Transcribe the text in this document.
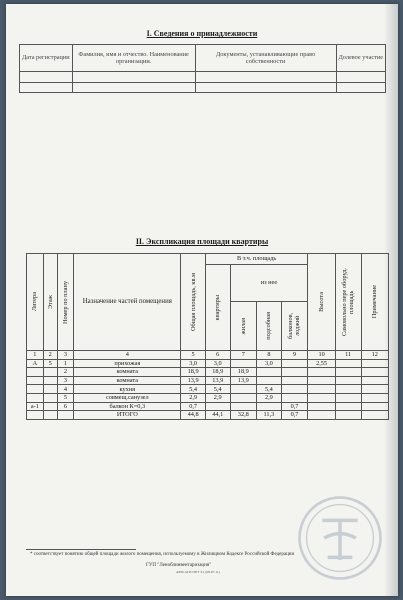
I. Сведения о принадлежности
Дата регистрации	Фамилия, имя и отчество. Наименование организации.	Документы, устанавливающие право собственности	Долевое участие

II. Экспликация площади квартиры
Литера	Этаж	Номер по плану	Назначение частей помещения	Общая площадь, кв.м	В т.ч. площадь				Высота	Самовольно пере оборуд. площадь	Примечание

					квартиры	из нее					

						жилая	подсобная	балконов, лоджий			

1	2	3	4	5	6	7	8	9	10	11	12
А	5	1	прихожая	3,0	3,0		3,0		2,55		
		2	комната	18,9	18,9	18,9					
		3	комната	13,9	13,9	13,9					
		4	кухня	5,4	5,4		5,4				
		5	совмещ.санузел	2,9	2,9		2,9				
а-1		6	балкон К=0,3	0,7				0,7			
			ИТОГО	44,8	44,1	32,8	11,3	0,7			
* соответствует понятию общей площади жилого помещения, используемому в Жилищном Кодексе Российской Федерации
ГУП "Леноблинвентаризация"
АРМ АГИ ПЕТ 3.1 (08.07.11)
